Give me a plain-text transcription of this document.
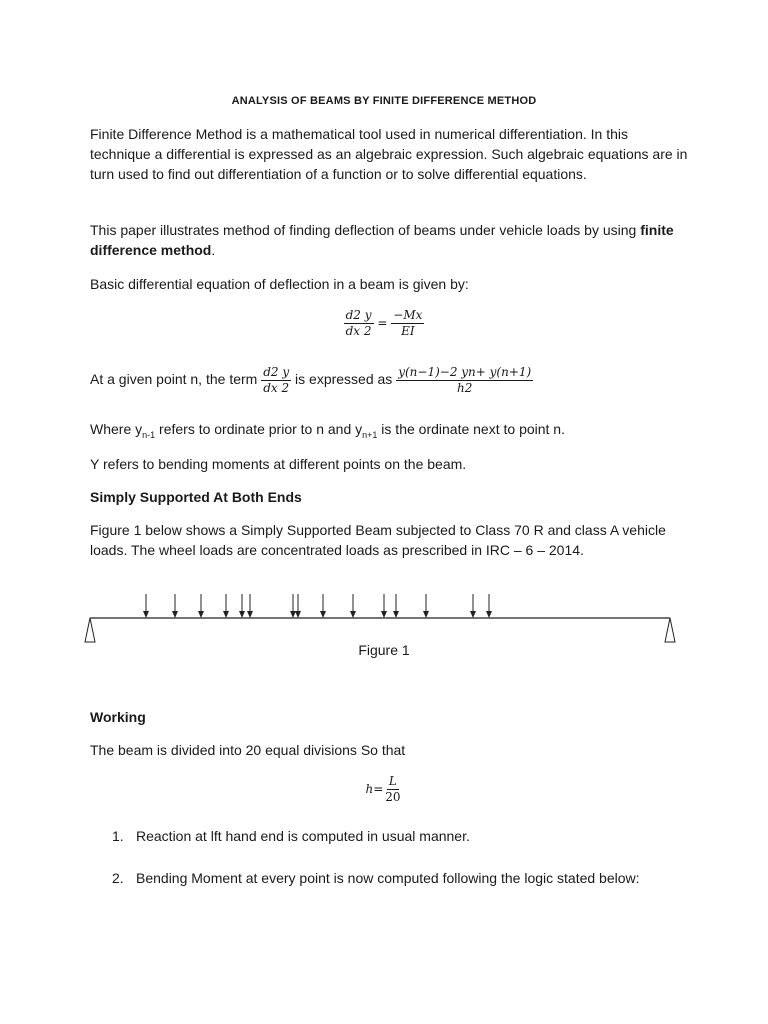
ANALYSIS OF BEAMS BY FINITE DIFFERENCE METHOD
Finite Difference Method is a mathematical tool used in numerical differentiation. In this technique a differential is expressed as an algebraic expression. Such algebraic equations are in turn used to find out differentiation of a function or to solve differential equations.
This paper illustrates method of finding deflection of beams under vehicle loads by using finite difference method.
Basic differential equation of deflection in a beam is given by:
$\frac{d2 y}{dx 2} = \frac{-Mx}{EI}$
At a given point n, the term $\frac{d2 y}{dx 2}$ is expressed as $\frac{y(n-1)-2 yn+ y(n+1)}{h2}$
Where $y_{n-1}$ refers to ordinate prior to n and $y_{n+1}$ is the ordinate next to point n.
Y refers to bending moments at different points on the beam.
Simply Supported At Both Ends
Figure 1 below shows a Simply Supported Beam subjected to Class 70 R and class A vehicle loads. The wheel loads are concentrated loads as prescribed in IRC – 6 – 2014.
Figure 1
Working
The beam is divided into 20 equal divisions So that
$h= \frac{L}{20}$
1. Reaction at lft hand end is computed in usual manner.
2. Bending Moment at every point is now computed following the logic stated below:
